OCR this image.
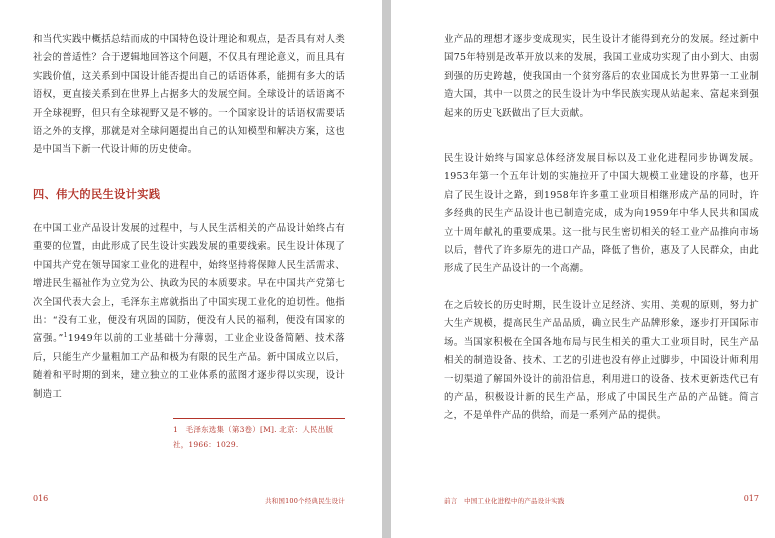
和当代实践中概括总结而成的中国特色设计理论和观点，是否具有对人类社会的普适性？合于逻辑地回答这个问题，不仅具有理论意义，而且具有实践价值，这关系到中国设计能否提出自己的话语体系，能拥有多大的话语权，更直接关系到在世界上占据多大的发展空间。全球设计的话语离不开全球视野，但只有全球视野又是不够的。一个国家设计的话语权需要话语之外的支撑，那就是对全球问题提出自己的认知模型和解决方案，这也是中国当下新一代设计师的历史使命。

四、伟大的民生设计实践

在中国工业产品设计发展的过程中，与人民生活相关的产品设计始终占有重要的位置，由此形成了民生设计实践发展的重要线索。民生设计体现了中国共产党在领导国家工业化的进程中，始终坚持将保障人民生活需求、增进民生福祉作为立党为公、执政为民的本质要求。早在中国共产党第七次全国代表大会上，毛泽东主席就指出了中国实现工业化的迫切性。他指出：“没有工业，便没有巩固的国防，便没有人民的福利，便没有国家的富强。”$^1$1949年以前的工业基础十分薄弱，工业企业设备简陋、技术落后，只能生产少量粗加工产品和极为有限的民生产品。新中国成立以后，随着和平时期的到来，建立独立的工业体系的蓝图才逐步得以实现，设计制造工

1　毛泽东选集（第3卷）[M]. 北京：人民出版社，1966：1029.

016	共和国100个经典民生设计

业产品的理想才逐步变成现实，民生设计才能得到充分的发展。经过新中国75年特别是改革开放以来的发展，我国工业成功实现了由小到大、由弱到强的历史跨越，使我国由一个贫穷落后的农业国成长为世界第一工业制造大国，其中一以贯之的民生设计为中华民族实现从站起来、富起来到强起来的历史飞跃做出了巨大贡献。

民生设计始终与国家总体经济发展目标以及工业化进程同步协调发展。1953年第一个五年计划的实施拉开了中国大规模工业建设的序幕，也开启了民生设计之路，到1958年许多重工业项目相继形成产品的同时，许多经典的民生产品设计也已制造完成，成为向1959年中华人民共和国成立十周年献礼的重要成果。这一批与民生密切相关的轻工业产品推向市场以后，替代了许多原先的进口产品，降低了售价，惠及了人民群众，由此形成了民生产品设计的一个高潮。

在之后较长的历史时期，民生设计立足经济、实用、美观的原则，努力扩大生产规模，提高民生产品品质，确立民生产品牌形象，逐步打开国际市场。当国家积极在全国各地布局与民生相关的重大工业项目时，民生产品相关的制造设备、技术、工艺的引进也没有停止过脚步，中国设计师利用一切渠道了解国外设计的前沿信息，利用进口的设备、技术更新迭代已有的产品，积极设计新的民生产品，形成了中国民生产品的产品链。简言之，不是单件产品的供给，而是一系列产品的提供。

前言　中国工业化进程中的产品设计实践	017
